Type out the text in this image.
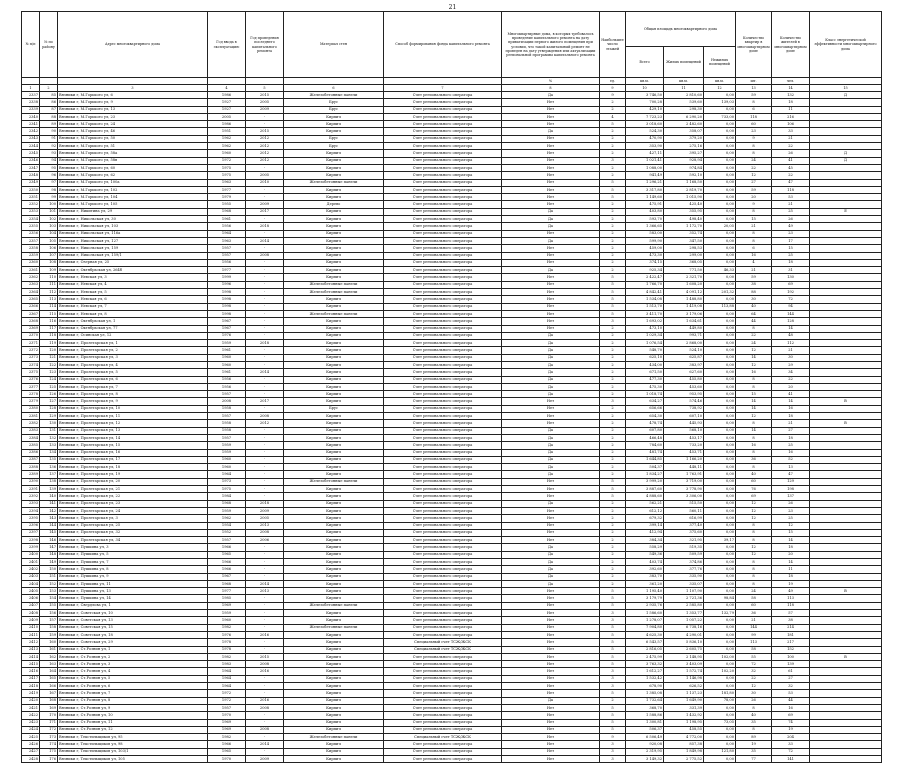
21
№ п/п	№ по району	Адрес многоквартирного дома	Год ввода в эксплуатацию	Год проведения последнего капитального ремонта	Материал стен	Способ формирования фонда капитального ремонта	Многоквартирные дома, в которых требовалось проведение капитального ремонта на дату приватизации первого жилого помещения при условии, что такой капитальный ремонт не проведен на дату утверждения или актуализации региональной программы капитального ремонта	Наибольшее число этажей	Общая площадь многоквартирного дома			Количество квартир в многоквартирном доме	Количество жителей в многоквартирном доме	Класс энергетической эффективности многоквартирного дома
									Всего	Жилых помещений	Нежилых помещений			
							%	ед.	кв.м.	кв.м.	кв.м.	шт.	чел.	
1	2	3	4	5	6	7	8	9	10	11	12	13	14	15
2337	85	Вязники г, М.Горького ул, 6	1986	2015	Железобетонные панели	Счет регионального оператора	Да	9	3 746,50	2 810,60	0,00	59	132	Д
2338	86	Вязники г, М.Горького ул, 9	1927	2005	Брус	Счет регионального оператора	Нет	2	700,28	539,60	139,03	8	18	
2339	87	Вязники г, М.Горького ул, 13	1927	2009	Брус	Счет регионального оператора	Нет	2	429,10	298,30	0,00	6	11	
2340	88	Вязники г, М.Горького ул, 23	2005	-	Кирпич	Счет регионального оператора	Нет	4	7 723,23	6 290,20	733,00	118	216	
2341	89	Вязники г, М.Горького ул, 24	1986	-	Кирпич	Счет регионального оператора	Нет	5	3 018,60	2 482,60	0,00	60	106	
2342	90	Вязники г, М.Горького ул, 46	1951	2015	Кирпич	Счет регионального оператора	Да	2	524,30	358,07	0,00	23	33	
2343	91	Вязники г, М.Горького ул, 50	1962	2012	Брус	Счет регионального оператора	Нет	2	470,90	379,20	0,00	9	21	
2344	92	Вязники г, М.Горького ул, 51	1962	2012	Брус	Счет регионального оператора	Нет	2	353,90	275,16	0,00	8	22	
2345	93	Вязники г, М.Горького ул, 58a	1960	2012	Кирпич	Счет регионального оператора	Нет	2	427,11	395,27	0,00	8	26	Д
2346	94	Вязники г, М.Горького ул, 58в	1972	2012	Кирпич	Счет регионального оператора	Нет	3	1 021,41	928,94	0,00	24	41	Д
2347	95	Вязники г, М.Горького ул, 60	1975	-	Кирпич	Счет регионального оператора	Нет	2	1 088,00	974,84	0,00	22	45	
2348	96	Вязники г, М.Горького ул, 62	1975	2005	Кирпич	Счет регионального оператора	Нет	2	941,49	592,10	0,00	12	22	
2349	97	Вязники г, М.Горького ул, 100a	1963	2010	Железобетонные панели	Счет регионального оператора	Нет	5	1 296,21	1 168,50	0,00	27	47	
2350	98	Вязники г, М.Горького ул, 102	1977	-	Кирпич	Счет регионального оператора	Нет	5	3 317,80	2 819,70	0,00	59	118	
2351	99	Вязники г, М.Горького ул, 104	1979	-	Кирпич	Счет регионального оператора	Нет	5	1 149,60	1 015,90	0,00	20	53	
2352	100	Вязники г, М.Горького ул, 105	1955	2009	Деревo	Счет регионального оператора	Нет	2	475,91	425,40	0,00	9	21	
2353	101	Вязники г, Никитина ул, 29	1968	2017	Кирпич	Счет регионального оператора	Да	2	403,80	355,95	0,00	8	25	Е
2354	102	Вязники г, Никольская ул, 30	1961	-	Кирпич	Счет регионального оператора	Да	2	593,70	498,40	0,00	15	26	
2355	103	Вязники г, Никольская ул, 103	1956	2018	Кирпич	Счет регионального оператора	Да	2	1 366,65	1 172,70	20,05	21	49	
2356	104	Вязники г, Никольская ул, 116a	1964	-	Кирпич	Счет регионального оператора	Нет	2	583,00	352,74	0,00	8	23	
2357	105	Вязники г, Никольская ул, 127	1963	2014	Кирпич	Счет регионального оператора	Да	2	599,90	347,50	0,00	8	17	
2358	106	Вязники г, Никольская ул, 159	1957	-	Кирпич	Счет регионального оператора	Нет	2	459,00	298,53	0,00	6	15	
2359	107	Вязники г, Никольская ул, 159/1	1957	2008	Кирпич	Счет регионального оператора	Нет	2	473,30	299,00	0,00	16	25	
2360	108	Вязники г, Озерная ул, 25	1956	-	Кирпич	Счет регионального оператора	Нет	2	374,15	368,05	0,00	4	18	
2361	109	Вязники г, Октябрьская ул, 264б	1977	-	Кирпич	Счет регионального оператора	Да	2	925,34	771,50	46,33	21	31	
2362	110	Вязники г, Невская ул, 3	1999	-	Кирпич	Счет регионального оператора	Нет	5	2 422,47	2 321,70	0,00	59	130	
2363	111	Вязники г, Невская ул, 4	1996	-	Железобетонные панели	Счет регионального оператора	Нет	5	1 766,70	1 608,20	0,00	38	69	
2364	112	Вязники г, Невская ул, 5	1998	-	Железобетонные панели	Счет регионального оператора	Нет	5	4 842,41	4 091,12	201,32	88	192	
2365	113	Вязники г, Невская ул, 6	1998	-	Кирпич	Счет регионального оператора	Нет	5	1 534,08	1 488,80	0,00	30	72	
2366	114	Вязники г, Невская ул, 7	1998	-	Кирпич	Счет регионального оператора	Нет	5	1 513,70	1 419,08	113,88	40	94	
2367	115	Вязники г, Невская ул, 8	1998	-	Железобетонные панели	Счет регионального оператора	Нет	5	3 411,70	3 179,06	0,00	64	144	
2368	116	Вязники г, Октябрьская ул, 1	1967	-	Кирпич	Счет регионального оператора	Нет	3	1 693,02	1 634,61	0,00	44	128	
2369	117	Вязники г, Октябрьская ул, 77	1967	-	Кирпич	Счет регионального оператора	Нет	2	473,10	449,80	0,00	8	14	
2370	118	Вязники г, Осинская ул, 12	1976	-	Кирпич	Счет регионального оператора	Да	2	1 029,34	993,71	0,00	22	48	
2371	119	Вязники г, Пролетарская ул, 1	1959	2018	Кирпич	Счет регионального оператора	Да	2	1 076,54	2 868,00	0,00	24	112	
2372	120	Вязники г, Пролетарская ул, 2	1961	-	Кирпич	Счет регионального оператора	Да	2	548,70	524,10	0,00	12	21	
2373	121	Вязники г, Пролетарская ул, 3	1960	-	Кирпич	Счет регионального оператора	Да	2	625,10	625,87	0,00	14	30	
2374	122	Вязники г, Пролетарская ул, 4	1960	-	Кирпич	Счет регионального оператора	Да	2	434,00	383,97	0,00	12	29	
2375	123	Вязники г, Пролетарская ул, 5	1961	2014	Кирпич	Счет регионального оператора	Да	2	671,50	627,60	0,00	16	34	
2376	124	Вязники г, Пролетарская ул, 6	1956	-	Кирпич	Счет регионального оператора	Да	2	477,30	455,80	0,00	8	22	
2377	125	Вязники г, Пролетарская ул, 7	1956	-	Кирпич	Счет регионального оператора	Да	2	475,30	453,60	0,00	8	20	
2378	126	Вязники г, Пролетарская ул, 8	1957	-	Кирпич	Счет регионального оператора	Да	2	1 018,74	953,95	0,00	15	41	
2379	127	Вязники г, Пролетарская ул, 9	2008	2017	Кирпич	Счет регионального оператора	Нет	3	634,27	574,46	0,00	14	14	В
2380	128	Вязники г, Пролетарская ул, 10	1958	-	Брус	Счет регионального оператора	Нет	2	656,66	738,92	0,00	14	16	
2381	129	Вязники г, Пролетарская ул, 11	1957	2008	Кирпич	Счет регионального оператора	Нет	2	654,30	607,10	0,00	12	18	
2382	130	Вязники г, Пролетарская ул, 12	1958	2012	Кирпич	Счет регионального оператора	Нет	2	478,74	445,93	0,00	8	21	В
2383	131	Вязники г, Пролетарская ул, 13	1958	-	Кирпич	Счет регионального оператора	Да	2	607,80	568,10	0,00	14	27	
2384	132	Вязники г, Пролетарская ул, 14	1957	-	Кирпич	Счет регионального оператора	Да	2	466,48	453,17	0,00	8	18	
2385	133	Вязники г, Пролетарская ул, 15	1959	-	Кирпич	Счет регионального оператора	Да	2	784,60	733,20	0,00	16	25	
2386	134	Вязники г, Пролетарская ул, 16	1959	-	Кирпич	Счет регионального оператора	Да	2	481,74	453,71	0,00	8	16	
2387	135	Вязники г, Пролетарская ул, 17	1960	-	Кирпич	Счет регионального оператора	Да	2	1 644,85	1 166,20	0,00	36	52	
2388	136	Вязники г, Пролетарская ул, 18	1960	-	Кирпич	Счет регионального оператора	Да	2	504,37	448,11	0,00	8	13	
2389	137	Вязники г, Пролетарская ул, 19	1964	-	Кирпич	Счет регионального оператора	Да	2	1 834,27	1 763,91	0,00	40	47	
2390	138	Вязники г, Пролетарская ул, 20	1973	-	Железобетонные панели	Счет регионального оператора	Нет	5	3 999,20	3 719,00	0,00	60	129	
2391	139	Вязники г, Пролетарская ул, 21	1975	-	Кирпич	Счет регионального оператора	Нет	5	3 887,60	3 778,90	0,00	76	198	
2392	140	Вязники г, Пролетарская ул, 22	1984	-	Кирпич	Счет регионального оператора	Нет	5	4 888,60	3 306,00	0,00	69	137	
2393	141	Вязники г, Пролетарская ул, 23	1968	2018	Кирпич	Счет регионального оператора	Да	2	562,21	515,50	0,00	12	26	
2394	142	Вязники г, Пролетарская ул, 24	1959	2009	Кирпич	Счет регионального оператора	Нет	2	612,12	560,11	0,00	12	23	
2395	143	Вязники г, Пролетарская ул, 3	1962	2005	Кирпич	Счет регионального оператора	Нет	2	679,32	616,99	0,00	12	25	
2396	144	Вязники г, Пролетарская ул, 25	1954	2013	Кирпич	Счет регионального оператора	Нет	2	399,14	377,40	0,00	8	12	
2397	145	Вязники г, Пролетарская ул, 32	1952	2008	Кирпич	Счет регионального оператора	Нет	2	412,94	375,60	0,00	8	15	
2398	146	Вязники г, Пролетарская ул, 34	1957	2006	Кирпич	Счет регионального оператора	Нет	2	384,34	321,95	39,17	8	14	
2399	147	Вязники г, Пушкина ул, 3	1966	-	Кирпич	Счет регионального оператора	Да	2	558,29	519,35	0,00	12	18	
2400	148	Вязники г, Пушкина ул, 5	1965	-	Кирпич	Счет регионального оператора	Да	2	549,36	509,59	0,00	12	20	
2401	149	Вязники г, Пушкина ул, 7	1966	-	Кирпич	Счет регионального оператора	Да	2	403,74	374,86	0,00	8	14	
2402	150	Вязники г, Пушкина ул, 8	1966	-	Кирпич	Счет регионального оператора	Да	2	392,60	377,76	0,00	8	11	
2403	151	Вязники г, Пушкина ул, 9	1967	-	Кирпич	Счет регионального оператора	Да	2	383,70	335,90	0,00	8	18	
2404	152	Вязники г, Пушкина ул, 11	1968	2014	Кирпич	Счет регионального оператора	Да	2	361,20	335,07	0,00	8	19	
2405	153	Вязники г, Пушкина ул, 13	1977	2013	Кирпич	Счет регионального оператора	Нет	5	1 195,40	1 107,90	0,00	24	49	В
2406	154	Вязники г, Пушкина ул, 14	1985	-	Кирпич	Счет регионального оператора	Нет	5	3 179,79	2 721,36	98,84	58	113	
2407	155	Вязники г, Свердлова ул, 1	1969	-	Железобетонные панели	Счет регионального оператора	Нет	5	2 935,76	2 585,80	0,00	60	118	
2408	156	Вязники г, Советская ул, 10	1959	-	Кирпич	Счет регионального оператора	Нет	3	1 586,60	1 353,77	132,79	36	57	
2409	157	Вязники г, Советская ул, 13	1960	-	Кирпич	Счет регионального оператора	Нет	3	1 278,07	1 057,22	0,00	21	38	
2410	158	Вязники г, Советская ул, 15	1982	-	Железобетонные панели	Счет регионального оператора	Нет	5	7 904,80	6 738,16	0,00	144	214	
2411	159	Вязники г, Советская ул, 18	1976	2016	Кирпич	Счет регионального оператора	Нет	5	4 625,30	4 290,01	0,00	99	181	
2412	160	Вязники г, Советская ул, 29	1978	-	Кирпич	Специальный счет ТСЖ/ЖСК	Нет	5	6 543,57	5 836,10	0,00	113	217	
2413	161	Вязники г, Ст.Рознин ул, 1	1978	-	Кирпич	Специальный счет ТСЖ/ЖСК	Нет	5	2 816,05	2 605,75	0,00	58	152	
2414	162	Вязники г, Ст.Рознин ул, 2	1982	2015	Кирпич	Счет регионального оператора	Нет	5	2 475,99	2 148,95	102,00	55	100	В
2415	163	Вязники г, Ст.Рознин ул, 3	1983	2008	Кирпич	Счет регионального оператора	Нет	5	3 763,32	3 403,09	0,00	72	139	
2416	164	Вязники г, Ст.Рознин ул, 4	1964	2016	Кирпич	Счет регионального оператора	Нет	3	1 612,27	1 572,74	102,20	32	61	
2417	165	Вязники г, Ст.Рознин ул, 5	1964	-	Кирпич	Счет регионального оператора	Нет	3	1 532,42	1 146,98	0,00	22	27	
2418	166	Вязники г, Ст.Рознин ул, 6	1964	-	Кирпич	Счет регионального оператора	Нет	3	678,90	626,52	0,00	12	32	
2419	167	Вязники г, Ст.Рознин ул, 7	1972	-	Кирпич	Счет регионального оператора	Нет	5	1 385,08	1 137,23	181,80	30	53	
2420	168	Вязники г, Ст.Рознин ул, 8	1972	2016	Кирпич	Счет регионального оператора	Да	2	1 732,64	1 649,90	78,00	26	44	
2421	169	Вязники г, Ст.Рознин ул, 9	1957	2008	Кирпич	Счет регионального оператора	Нет	5	368,70	331,39	0,00	8	16	
2422	170	Вязники г, Ст.Рознин ул, 10	1970	-	Кирпич	Счет регионального оператора	Нет	5	1 588,86	1 432,92	0,00	40	69	
2423	171	Вязники г, Ст.Рознин ул, 11	1969	-	Кирпич	Счет регионального оператора	Нет	5	1 300,81	1 198,95	73,05	35	74	
2424	172	Вязники г, Ст.Рознин ул, 12	1969	2008	Кирпич	Счет регионального оператора	Нет	5	506,37	458,55	0,00	8	19	
2425	173	Вязники г, Текстильщиков ул, 95	1982	-	Железобетонные панели	Специальный счет ТСЖ/ЖСК	Нет	9	6 506,49	4 772,00	0,00	89	204	
2426	174	Вязники г, Текстильщиков ул, 98	1966	2014	Кирпич	Счет регионального оператора	Нет	3	920,08	857,38	0,00	19	33	
2427	175	Вязники г, Текстильщиков ул, 103/1	1965	-	Кирпич	Счет регионального оператора	Нет	3	2 319,95	1 849,98	121,80	35	72	
2428	176	Вязники г, Текстильщиков ул, 105	1970	2009	Кирпич	Счет регионального оператора	Нет	3	3 149,32	2 775,52	0,00	77	141	
